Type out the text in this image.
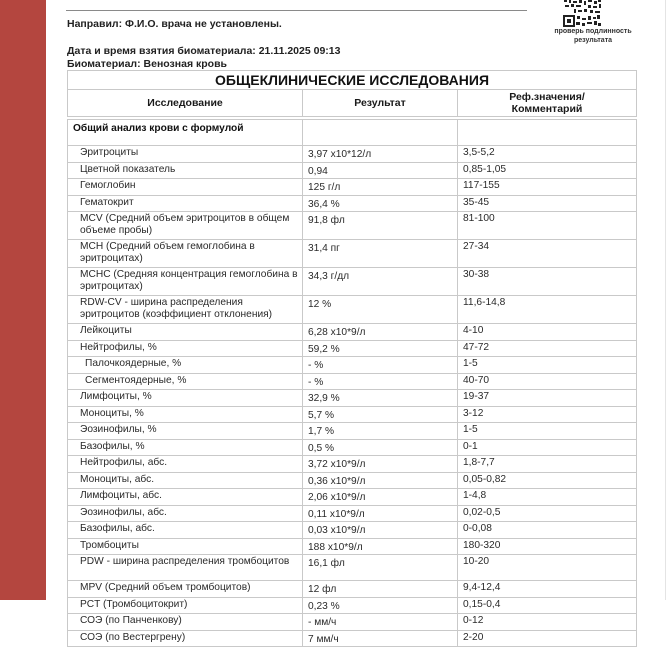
проверь подлинность
результата
Направил: Ф.И.О. врача не установлены.
Дата и время взятия биоматериала: 21.11.2025 09:13
Биоматериал: Венозная кровь
ОБЩЕКЛИНИЧЕСКИЕ ИССЛЕДОВАНИЯ
Исследование	Результат	Реф.значения/
Комментарий
Общий анализ крови с формулой		
Эритроциты	3,97 х10*12/л	3,5-5,2
Цветной показатель	0,94	0,85-1,05
Гемоглобин	125 г/л	117-155
Гематокрит	36,4 %	35-45
MCV (Средний объем эритроцитов в общем объеме пробы)	91,8 фл	81-100
MCH (Средний объем гемоглобина в эритроцитах)	31,4 пг	27-34
MCHC (Средняя концентрация гемоглобина в эритроцитах)	34,3 г/дл	30-38
RDW-CV - ширина распределения эритроцитов (коэффициент отклонения)	12 %	11,6-14,8
Лейкоциты	6,28 х10*9/л	4-10
Нейтрофилы, %	59,2 %	47-72
Палочкоядерные, %	- %	1-5
Сегментоядерные, %	- %	40-70
Лимфоциты, %	32,9 %	19-37
Моноциты, %	5,7 %	3-12
Эозинофилы, %	1,7 %	1-5
Базофилы, %	0,5 %	0-1
Нейтрофилы, абс.	3,72 х10*9/л	1,8-7,7
Моноциты, абс.	0,36 х10*9/л	0,05-0,82
Лимфоциты, абс.	2,06 х10*9/л	1-4,8
Эозинофилы, абс.	0,11 х10*9/л	0,02-0,5
Базофилы, абс.	0,03 х10*9/л	0-0,08
Тромбоциты	188 х10*9/л	180-320
PDW - ширина распределения тромбоцитов	16,1 фл	10-20
MPV (Средний объем тромбоцитов)	12 фл	9,4-12,4
PCT (Тромбоцитокрит)	0,23 %	0,15-0,4
СОЭ (по Панченкову)	- мм/ч	0-12
СОЭ (по Вестергрену)	7 мм/ч	2-20
